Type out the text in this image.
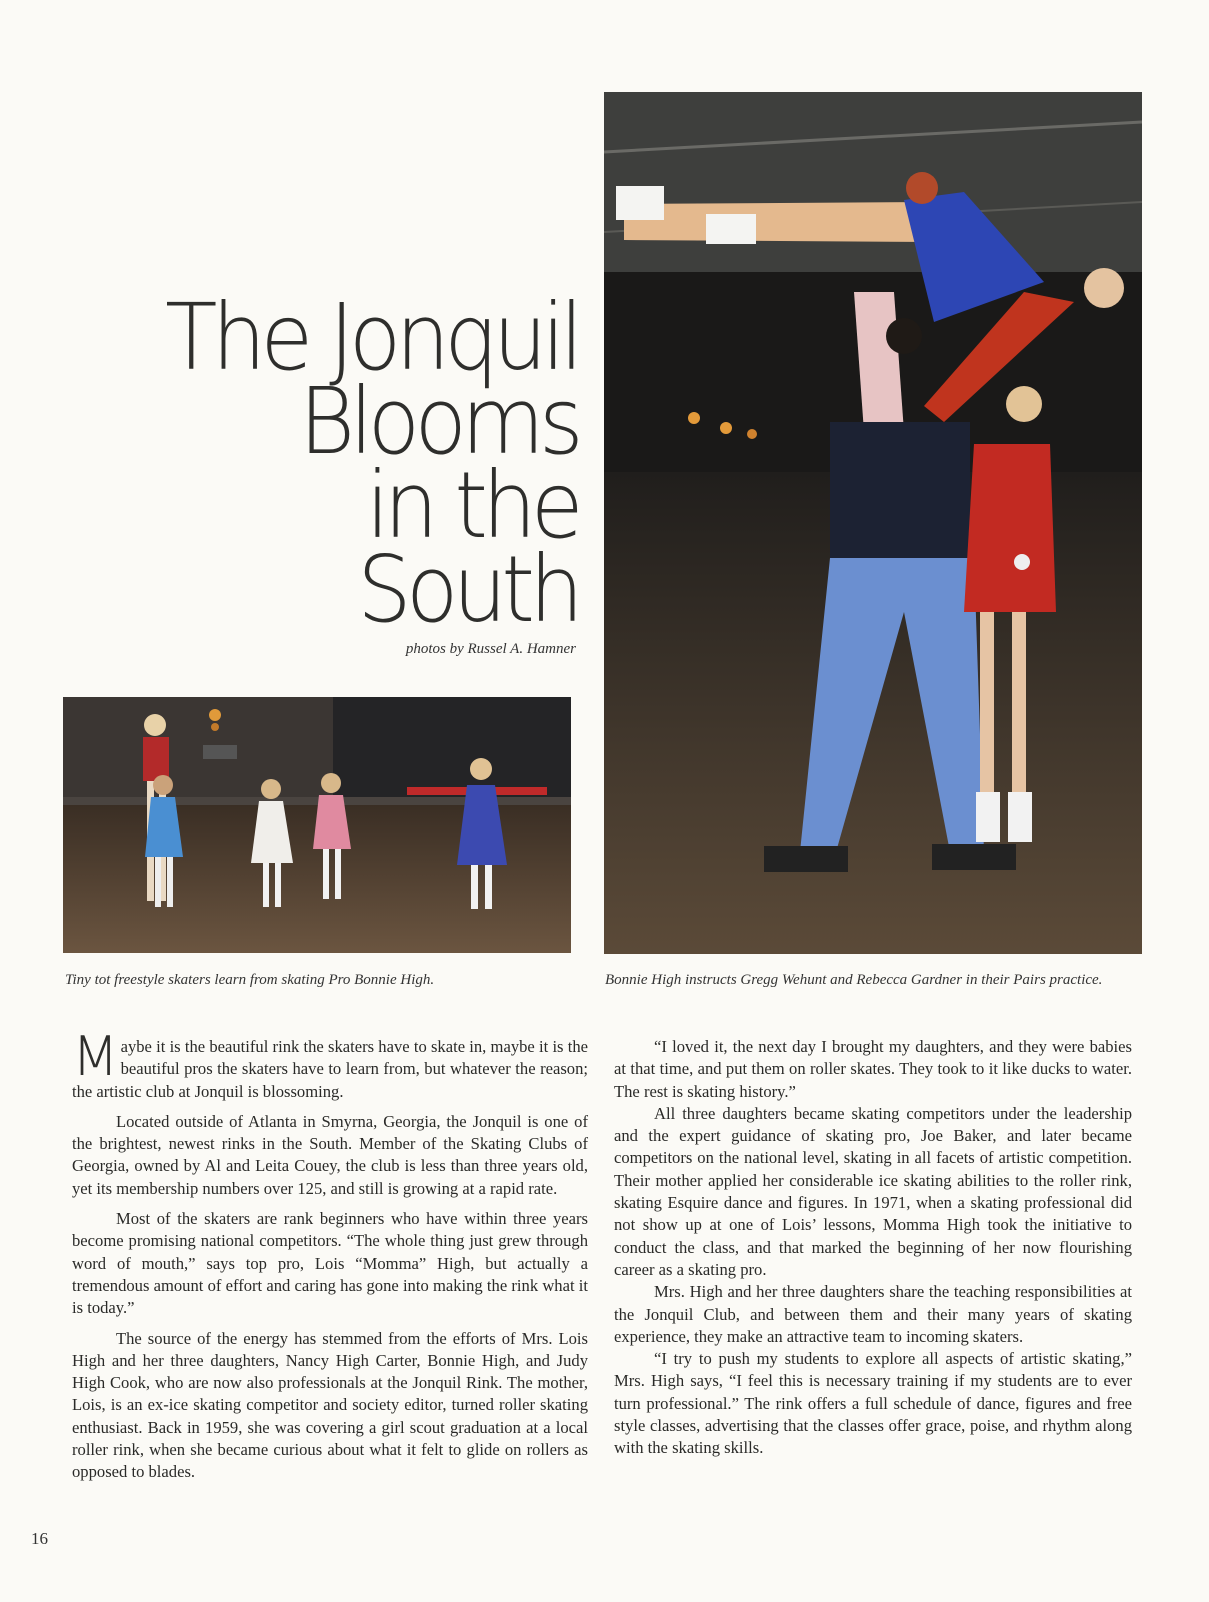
The Jonquil
Blooms
in the
South
photos by Russel A. Hamner
Tiny tot freestyle skaters learn from skating Pro Bonnie High.	Bonnie High instructs Gregg Wehunt and Rebecca Gardner in their Pairs practice.

Maybe it is the beautiful rink the skaters have to skate in, maybe it is the beautiful pros the skaters have to learn from, but whatever the reason; the artistic club at Jonquil is blossoming.

Located outside of Atlanta in Smyrna, Georgia, the Jonquil is one of the brightest, newest rinks in the South. Member of the Skating Clubs of Georgia, owned by Al and Leita Couey, the club is less than three years old, yet its membership numbers over 125, and still is growing at a rapid rate.

Most of the skaters are rank beginners who have within three years become promising national competitors. “The whole thing just grew through word of mouth,” says top pro, Lois “Momma” High, but actually a tremendous amount of effort and caring has gone into making the rink what it is today.”

The source of the energy has stemmed from the efforts of Mrs. Lois High and her three daughters, Nancy High Carter, Bonnie High, and Judy High Cook, who are now also professionals at the Jonquil Rink. The mother, Lois, is an ex-ice skating competitor and society editor, turned roller skating enthusiast. Back in 1959, she was covering a girl scout graduation at a local roller rink, when she became curious about what it felt to glide on rollers as opposed to blades.

“I loved it, the next day I brought my daughters, and they were babies at that time, and put them on roller skates. They took to it like ducks to water. The rest is skating history.”

All three daughters became skating competitors under the leadership and the expert guidance of skating pro, Joe Baker, and later became competitors on the national level, skating in all facets of artistic competition. Their mother applied her considerable ice skating abilities to the roller rink, skating Esquire dance and figures. In 1971, when a skating professional did not show up at one of Lois’ lessons, Momma High took the initiative to conduct the class, and that marked the beginning of her now flourishing career as a skating pro.

Mrs. High and her three daughters share the teaching responsibilities at the Jonquil Club, and between them and their many years of skating experience, they make an attractive team to incoming skaters.

“I try to push my students to explore all aspects of artistic skating,” Mrs. High says, “I feel this is necessary training if my students are to ever turn professional.” The rink offers a full schedule of dance, figures and free style classes, advertising that the classes offer grace, poise, and rhythm along with the skating skills.

16
